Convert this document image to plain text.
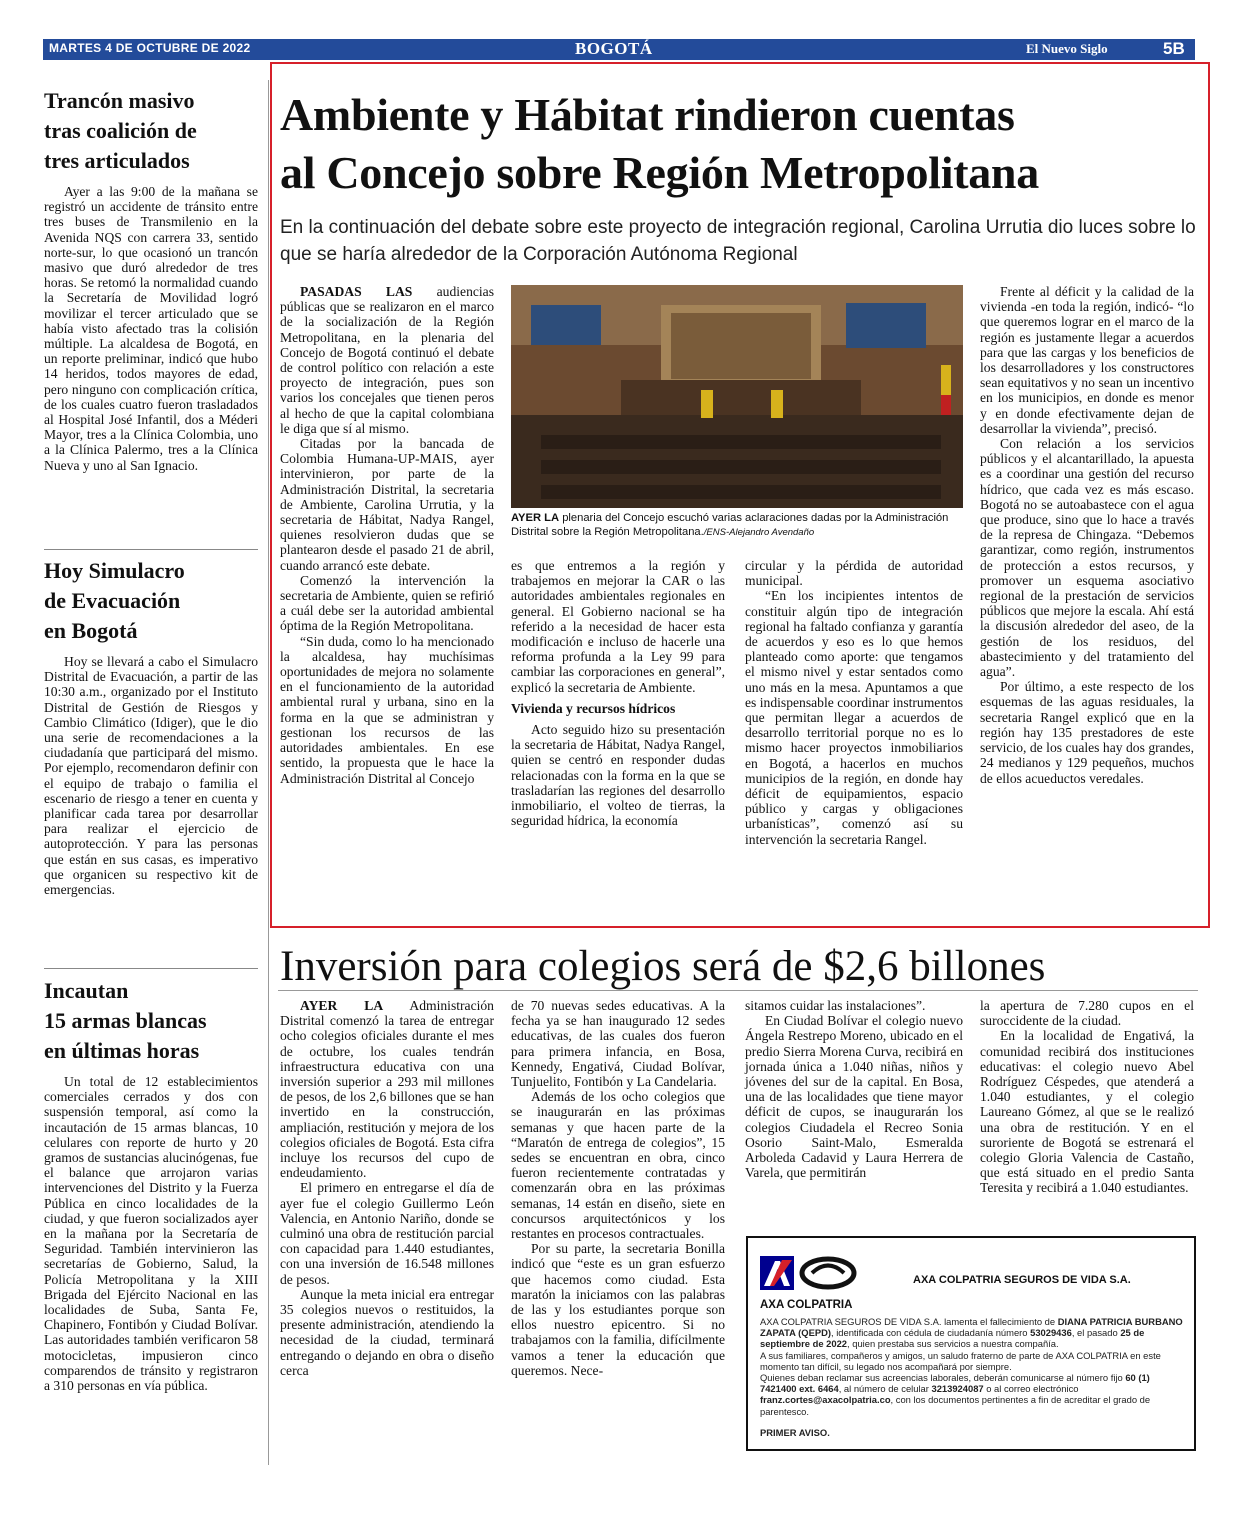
MARTES 4 DE OCTUBRE DE 2022	BOGOTÁ	El Nuevo Siglo	5B
Trancón masivo
tras coalición de
tres articulados

Ayer a las 9:00 de la mañana se registró un accidente de tránsito entre tres buses de Transmilenio en la Avenida NQS con carrera 33, sentido norte-sur, lo que ocasionó un trancón masivo que duró alrededor de tres horas. Se retomó la normalidad cuando la Secretaría de Movilidad logró movilizar el tercer articulado que se había visto afectado tras la colisión múltiple. La alcaldesa de Bogotá, en un reporte preliminar, indicó que hubo 14 heridos, todos mayores de edad, pero ninguno con complicación crítica, de los cuales cuatro fueron trasladados al Hospital José Infantil, dos a Méderi Mayor, tres a la Clínica Colombia, uno a la Clínica Palermo, tres a la Clínica Nueva y uno al San Ignacio.

Hoy Simulacro
de Evacuación
en Bogotá

Hoy se llevará a cabo el Simulacro Distrital de Evacuación, a partir de las 10:30 a.m., organizado por el Instituto Distrital de Gestión de Riesgos y Cambio Climático (Idiger), que le dio una serie de recomendaciones a la ciudadanía que participará del mismo. Por ejemplo, recomendaron definir con el equipo de trabajo o familia el escenario de riesgo a tener en cuenta y planificar cada tarea por desarrollar para realizar el ejercicio de autoprotección. Y para las personas que están en sus casas, es imperativo que organicen su respectivo kit de emergencias.

Incautan
15 armas blancas
en últimas horas

Un total de 12 establecimientos comerciales cerrados y dos con suspensión temporal, así como la incautación de 15 armas blancas, 10 celulares con reporte de hurto y 20 gramos de sustancias alucinógenas, fue el balance que arrojaron varias intervenciones del Distrito y la Fuerza Pública en cinco localidades de la ciudad, y que fueron socializados ayer en la mañana por la Secretaría de Seguridad. También intervinieron las secretarías de Gobierno, Salud, la Policía Metropolitana y la XIII Brigada del Ejército Nacional en las localidades de Suba, Santa Fe, Chapinero, Fontibón y Ciudad Bolívar. Las autoridades también verificaron 58 motocicletas, impusieron cinco comparendos de tránsito y registraron a 310 personas en vía pública.

Ambiente y Hábitat rindieron cuentas
al Concejo sobre Región Metropolitana
En la continuación del debate sobre este proyecto de integración regional, Carolina Urrutia dio luces sobre lo que se haría alrededor de la Corporación Autónoma Regional

PASADAS LAS audiencias públicas que se realizaron en el marco de la socialización de la Región Metropolitana, en la plenaria del Concejo de Bogotá continuó el debate de control político con relación a este proyecto de integración, pues son varios los concejales que tienen peros al hecho de que la capital colombiana le diga que sí al mismo.

Citadas por la bancada de Colombia Humana-UP-MAIS, ayer intervinieron, por parte de la Administración Distrital, la secretaria de Ambiente, Carolina Urrutia, y la secretaria de Hábitat, Nadya Rangel, quienes resolvieron dudas que se plantearon desde el pasado 21 de abril, cuando arrancó este debate.

Comenzó la intervención la secretaria de Ambiente, quien se refirió a cuál debe ser la autoridad ambiental óptima de la Región Metropolitana.

“Sin duda, como lo ha mencionado la alcaldesa, hay muchísimas oportunidades de mejora no solamente en el funcionamiento de la autoridad ambiental rural y urbana, sino en la forma en la que se administran y gestionan los recursos de las autoridades ambientales. En ese sentido, la propuesta que le hace la Administración Distrital al Concejo

AYER LA plenaria del Concejo escuchó varias aclaraciones dadas por la Administración Distrital sobre la Región Metropolitana./ENS-Alejandro Avendaño

es que entremos a la región y trabajemos en mejorar la CAR o las autoridades ambientales regionales en general. El Gobierno nacional se ha referido a la necesidad de hacer esta modificación e incluso de hacerle una reforma profunda a la Ley 99 para cambiar las corporaciones en general”, explicó la secretaria de Ambiente.

Vivienda y recursos hídricos

Acto seguido hizo su presentación la secretaria de Hábitat, Nadya Rangel, quien se centró en responder dudas relacionadas con la forma en la que se trasladarían las regiones del desarrollo inmobiliario, el volteo de tierras, la seguridad hídrica, la economía

circular y la pérdida de autoridad municipal.

“En los incipientes intentos de constituir algún tipo de integración regional ha faltado confianza y garantía de acuerdos y eso es lo que hemos planteado como aporte: que tengamos el mismo nivel y estar sentados como uno más en la mesa. Apuntamos a que es indispensable coordinar instrumentos que permitan llegar a acuerdos de desarrollo territorial porque no es lo mismo hacer proyectos inmobiliarios en Bogotá, a hacerlos en muchos municipios de la región, en donde hay déficit de equipamientos, espacio público y cargas y obligaciones urbanísticas”, comenzó así su intervención la secretaria Rangel.

Frente al déficit y la calidad de la vivienda -en toda la región, indicó- “lo que queremos lograr en el marco de la región es justamente llegar a acuerdos para que las cargas y los beneficios de los desarrolladores y los constructores sean equitativos y no sean un incentivo en los municipios, en donde es menor y en donde efectivamente dejan de desarrollar la vivienda”, precisó.

Con relación a los servicios públicos y el alcantarillado, la apuesta es a coordinar una gestión del recurso hídrico, que cada vez es más escaso. Bogotá no se autoabastece con el agua que produce, sino que lo hace a través de la represa de Chingaza. “Debemos garantizar, como región, instrumentos de protección a estos recursos, y promover un esquema asociativo regional de la prestación de servicios públicos que mejore la escala. Ahí está la discusión alrededor del aseo, de la gestión de los residuos, del abastecimiento y del tratamiento del agua”.

Por último, a este respecto de los esquemas de las aguas residuales, la secretaria Rangel explicó que en la región hay 135 prestadores de este servicio, de los cuales hay dos grandes, 24 medianos y 129 pequeños, muchos de ellos acueductos veredales.

Inversión para colegios será de $2,6 billones

AYER LA Administración Distrital comenzó la tarea de entregar ocho colegios oficiales durante el mes de octubre, los cuales tendrán infraestructura educativa con una inversión superior a 293 mil millones de pesos, de los 2,6 billones que se han invertido en la construcción, ampliación, restitución y mejora de los colegios oficiales de Bogotá. Esta cifra incluye los recursos del cupo de endeudamiento.

El primero en entregarse el día de ayer fue el colegio Guillermo León Valencia, en Antonio Nariño, donde se culminó una obra de restitución parcial con capacidad para 1.440 estudiantes, con una inversión de 16.548 millones de pesos.

Aunque la meta inicial era entregar 35 colegios nuevos o restituidos, la presente administración, atendiendo la necesidad de la ciudad, terminará entregando o dejando en obra o diseño cerca

de 70 nuevas sedes educativas. A la fecha ya se han inaugurado 12 sedes educativas, de las cuales dos fueron para primera infancia, en Bosa, Kennedy, Engativá, Ciudad Bolívar, Tunjuelito, Fontibón y La Candelaria.

Además de los ocho colegios que se inaugurarán en las próximas semanas y que hacen parte de la “Maratón de entrega de colegios”, 15 sedes se encuentran en obra, cinco fueron recientemente contratadas y comenzarán obra en las próximas semanas, 14 están en diseño, siete en concursos arquitectónicos y los restantes en procesos contractuales.

Por su parte, la secretaria Bonilla indicó que “este es un gran esfuerzo que hacemos como ciudad. Esta maratón la iniciamos con las palabras de las y los estudiantes porque son ellos nuestro epicentro. Si no trabajamos con la familia, difícilmente vamos a tener la educación que queremos. Nece-

sitamos cuidar las instalaciones”.

En Ciudad Bolívar el colegio nuevo Ángela Restrepo Moreno, ubicado en el predio Sierra Morena Curva, recibirá en jornada única a 1.040 niñas, niños y jóvenes del sur de la capital. En Bosa, una de las localidades que tiene mayor déficit de cupos, se inaugurarán los colegios Ciudadela el Recreo Sonia Osorio Saint-Malo, Esmeralda Arboleda Cadavid y Laura Herrera de Varela, que permitirán

la apertura de 7.280 cupos en el suroccidente de la ciudad.

En la localidad de Engativá, la comunidad recibirá dos instituciones educativas: el colegio nuevo Abel Rodríguez Céspedes, que atenderá a 1.040 estudiantes, y el colegio Laureano Gómez, al que se le realizó una obra de restitución. Y en el suroriente de Bogotá se estrenará el colegio Gloria Valencia de Castaño, que está situado en el predio Santa Teresita y recibirá a 1.040 estudiantes.

AXA COLPATRIA
AXA COLPATRIA SEGUROS DE VIDA S.A.
AXA COLPATRIA SEGUROS DE VIDA S.A. lamenta el fallecimiento de DIANA PATRICIA BURBANO ZAPATA (QEPD), identificada con cédula de ciudadanía número 53029436, el pasado 25 de septiembre de 2022, quien prestaba sus servicios a nuestra compañía.
A sus familiares, compañeros y amigos, un saludo fraterno de parte de AXA COLPATRIA en este momento tan difícil, su legado nos acompañará por siempre.
Quienes deban reclamar sus acreencias laborales, deberán comunicarse al número fijo 60 (1) 7421400 ext. 6464, al número de celular 3213924087 o al correo electrónico franz.cortes@axacolpatria.co, con los documentos pertinentes a fin de acreditar el grado de parentesco.
PRIMER AVISO.
